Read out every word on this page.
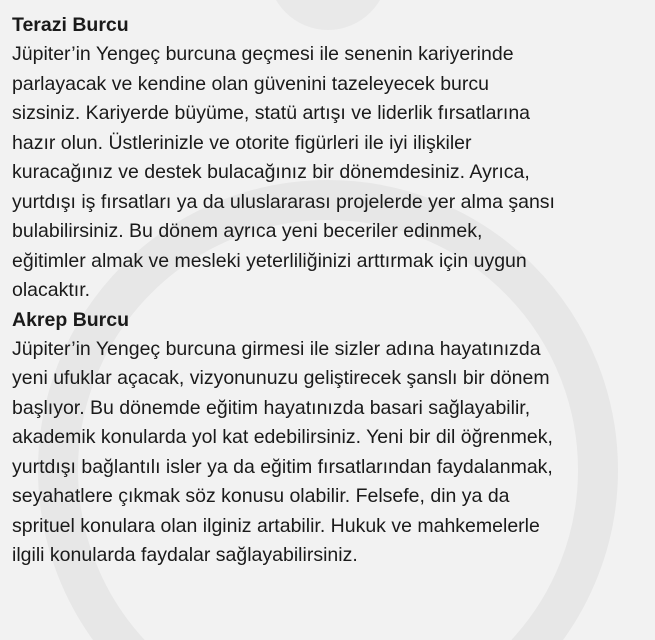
Terazi Burcu

Jüpiter’in Yengeç burcuna geçmesi ile senenin kariyerinde
parlayacak ve kendine olan güvenini tazeleyecek burcu
sizsiniz. Kariyerde büyüme, statü artışı ve liderlik fırsatlarına
hazır olun. Üstlerinizle ve otorite figürleri ile iyi ilişkiler
kuracağınız ve destek bulacağınız bir dönemdesiniz. Ayrıca,
yurtdışı iş fırsatları ya da uluslararası projelerde yer alma şansı
bulabilirsiniz. Bu dönem ayrıca yeni beceriler edinmek,
eğitimler almak ve mesleki yeterliliğinizi arttırmak için uygun
olacaktır.

Akrep Burcu

Jüpiter’in Yengeç burcuna girmesi ile sizler adına hayatınızda
yeni ufuklar açacak, vizyonunuzu geliştirecek şanslı bir dönem
başlıyor. Bu dönemde eğitim hayatınızda basari sağlayabilir,
akademik konularda yol kat edebilirsiniz. Yeni bir dil öğrenmek,
yurtdışı bağlantılı isler ya da eğitim fırsatlarından faydalanmak,
seyahatlere çıkmak söz konusu olabilir. Felsefe, din ya da
sprituel konulara olan ilginiz artabilir. Hukuk ve mahkemelerle
ilgili konularda faydalar sağlayabilirsiniz.
